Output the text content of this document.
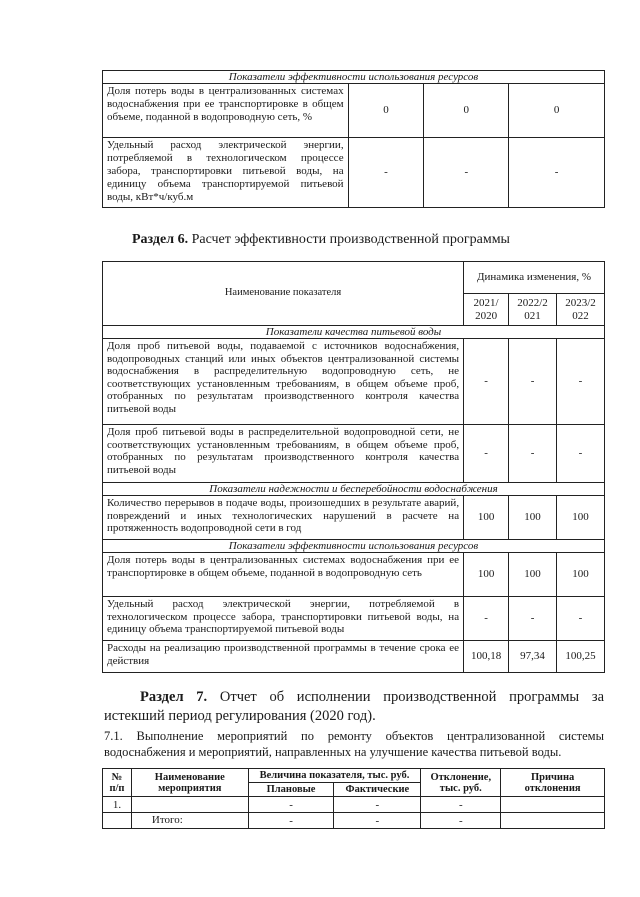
Показатели эффективности использования ресурсов			
Доля потерь воды в централизованных системах водоснабжения при ее транспортировке в общем объеме, поданной в водопроводную сеть, %	0	0	0
Удельный расход электрической энергии, потребляемой в технологическом процессе забора, транспортировки питьевой воды, на единицу объема транспортируемой питьевой воды, кВт*ч/куб.м	-	-	-
Раздел 6. Расчет эффективности производственной программы
Наименование показателя	Динамика изменения, %		
	2021/ 2020	2022/2 021	2023/2 022
Показатели качества питьевой воды			
Доля проб питьевой воды, подаваемой с источников водоснабжения, водопроводных станций или иных объектов централизованной системы водоснабжения в распределительную водопроводную сеть, не соответствующих установленным требованиям, в общем объеме проб, отобранных по результатам производственного контроля качества питьевой воды	-	-	-
Доля проб питьевой воды в распределительной водопроводной сети, не соответствующих установленным требованиям, в общем объеме проб, отобранных по результатам производственного контроля качества питьевой воды	-	-	-
Показатели надежности и бесперебойности водоснабжения			
Количество перерывов в подаче воды, произошедших в результате аварий, повреждений и иных технологических нарушений в расчете на протяженность водопроводной сети в год	100	100	100
Показатели эффективности использования ресурсов			
Доля потерь воды в централизованных системах водоснабжения при ее транспортировке в общем объеме, поданной в водопроводную сеть	100	100	100
Удельный расход электрической энергии, потребляемой в технологическом процессе забора, транспортировки питьевой воды, на единицу объема транспортируемой питьевой воды	-	-	-
Расходы на реализацию производственной программы в течение срока ее действия	100,18	97,34	100,25
Раздел 7. Отчет об исполнении производственной программы за истекший период регулирования (2020 год).
7.1. Выполнение мероприятий по ремонту объектов централизованной системы водоснабжения и мероприятий, направленных на улучшение качества питьевой воды.
№ п/п	Наименование мероприятия	Величина показателя, тыс. руб.		Отклонение, тыс. руб.	Причина отклонения
		Плановые	Фактические		
1.		-	-	-	
	Итого:	-	-	-	
